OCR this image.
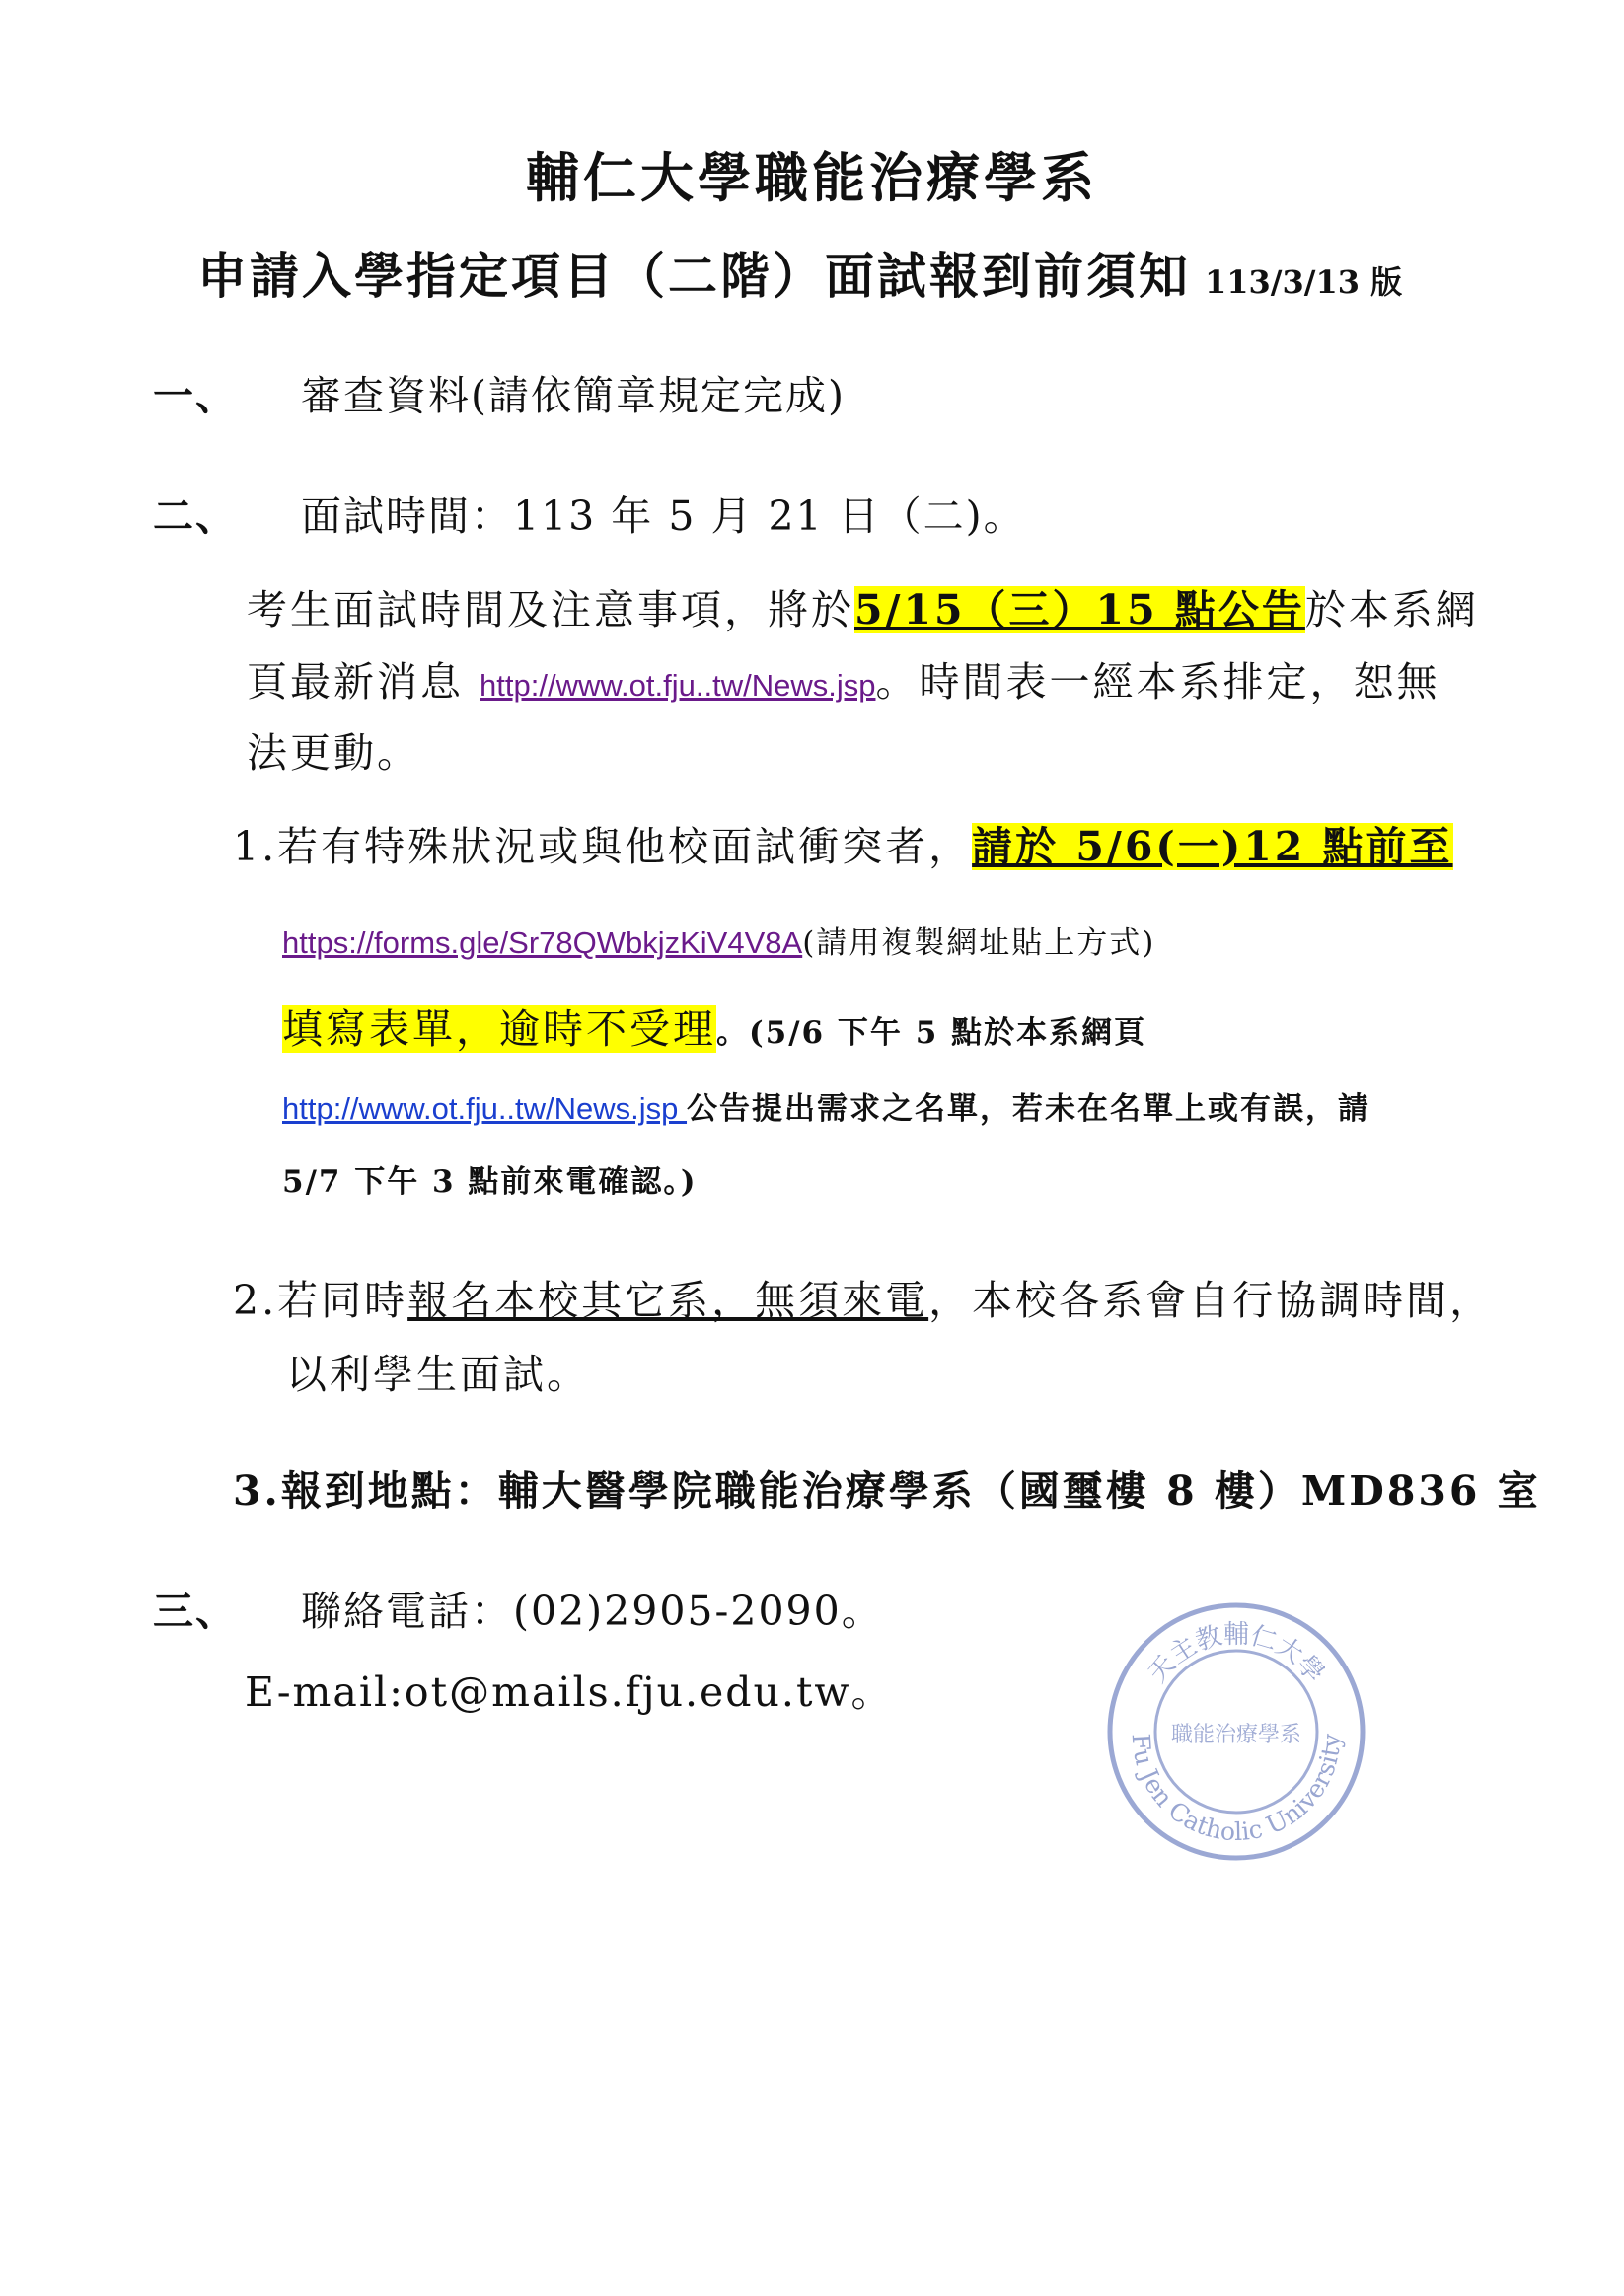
輔仁大學職能治療學系
申請入學指定項目（二階）面試報到前須知 113/3/13 版
一、 審查資料(請依簡章規定完成)
二、 面試時間：113 年 5 月 21 日（二)。
考生面試時間及注意事項，將於5/15（三）15 點公告於本系網
頁最新消息 http://www.ot.fju..tw/News.jsp。時間表一經本系排定，恕無
法更動。
1.若有特殊狀況或與他校面試衝突者，請於 5/6(一)12 點前至
https://forms.gle/Sr78QWbkjzKiV4V8A(請用複製網址貼上方式)
填寫表單，逾時不受理。(5/6 下午 5 點於本系網頁
http://www.ot.fju..tw/News.jsp 公告提出需求之名單，若未在名單上或有誤，請
5/7 下午 3 點前來電確認。)
2.若同時報名本校其它系，無須來電，本校各系會自行協調時間，
以利學生面試。
3.報到地點：輔大醫學院職能治療學系（國璽樓 8 樓）MD836 室
三、 聯絡電話：(02)2905-2090。
E-mail:ot@mails.fju.edu.tw。	天主教輔仁大學
Fu Jen Catholic University
職能治療學系
